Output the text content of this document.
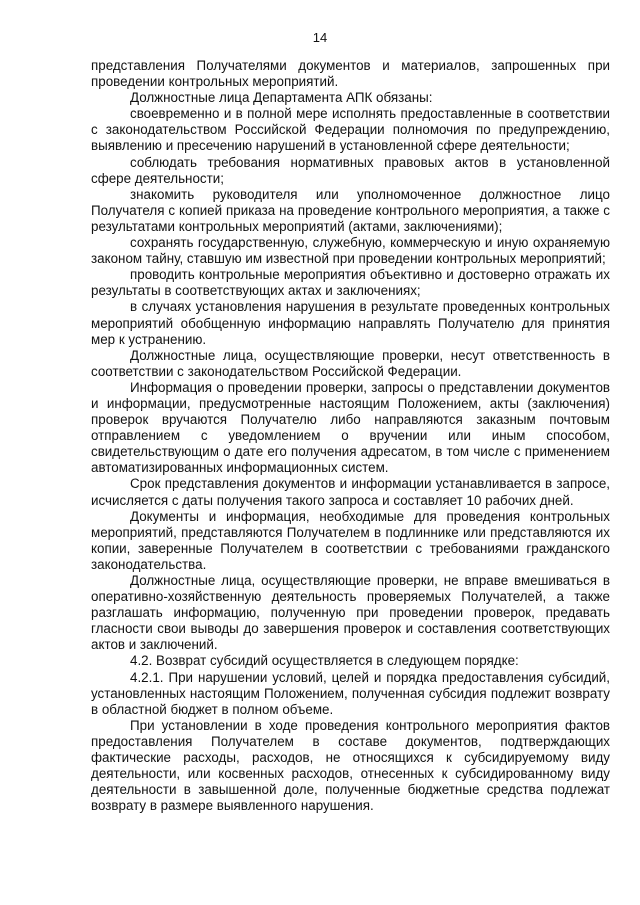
14

представления Получателями документов и материалов, запрошенных при проведении контрольных мероприятий.

Должностные лица Департамента АПК обязаны:

своевременно и в полной мере исполнять предоставленные в соответствии с законодательством Российской Федерации полномочия по предупреждению, выявлению и пресечению нарушений в установленной сфере деятельности;

соблюдать требования нормативных правовых актов в установленной сфере деятельности;

знакомить руководителя или уполномоченное должностное лицо Получателя с копией приказа на проведение контрольного мероприятия, а также с результатами контрольных мероприятий (актами, заключениями);

сохранять государственную, служебную, коммерческую и иную охраняемую законом тайну, ставшую им известной при проведении контрольных мероприятий;

проводить контрольные мероприятия объективно и достоверно отражать их результаты в соответствующих актах и заключениях;

в случаях установления нарушения в результате проведенных контрольных мероприятий обобщенную информацию направлять Получателю для принятия мер к устранению.

Должностные лица, осуществляющие проверки, несут ответственность в соответствии с законодательством Российской Федерации.

Информация о проведении проверки, запросы о представлении документов и информации, предусмотренные настоящим Положением, акты (заключения) проверок вручаются Получателю либо направляются заказным почтовым отправлением с уведомлением о вручении или иным способом, свидетельствующим о дате его получения адресатом, в том числе с применением автоматизированных информационных систем.

Срок представления документов и информации устанавливается в запросе, исчисляется с даты получения такого запроса и составляет 10 рабочих дней.

Документы и информация, необходимые для проведения контрольных мероприятий, представляются Получателем в подлиннике или представляются их копии, заверенные Получателем в соответствии с требованиями гражданского законодательства.

Должностные лица, осуществляющие проверки, не вправе вмешиваться в оперативно-хозяйственную деятельность проверяемых Получателей, а также разглашать информацию, полученную при проведении проверок, предавать гласности свои выводы до завершения проверок и составления соответствующих актов и заключений.

4.2. Возврат субсидий осуществляется в следующем порядке:

4.2.1. При нарушении условий, целей и порядка предоставления субсидий, установленных настоящим Положением, полученная субсидия подлежит возврату в областной бюджет в полном объеме.

При установлении в ходе проведения контрольного мероприятия фактов предоставления Получателем в составе документов, подтверждающих фактические расходы, расходов, не относящихся к субсидируемому виду деятельности, или косвенных расходов, отнесенных к субсидированному виду деятельности в завышенной доле, полученные бюджетные средства подлежат возврату в размере выявленного нарушения.
